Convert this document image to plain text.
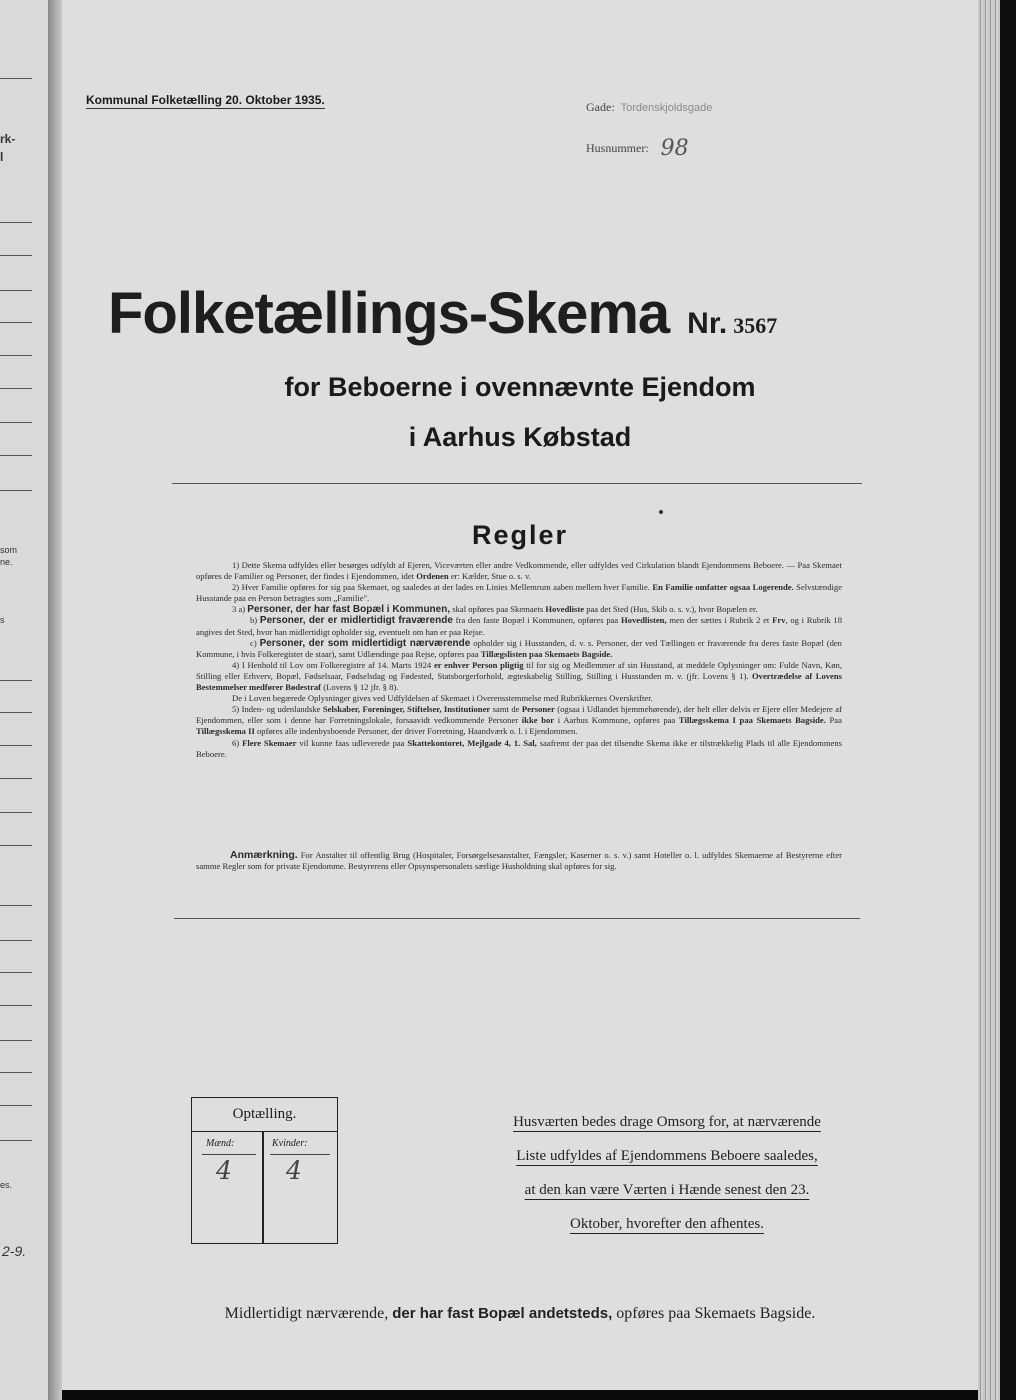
rk-
l
som
ne.
s
es.
2-9.
Kommunal Folketælling 20. Oktober 1935.	Gade: Tordenskjoldsgade
Husnummer: 98
Folketællings-Skema Nr. 3567
for Beboerne i ovennævnte Ejendom
i Aarhus Købstad
Regler

1) Dette Skema udfyldes eller besørges udfyldt af Ejeren, Viceværten eller andre Vedkommende, eller udfyldes ved Cirkulation blandt Ejendommens Beboere. — Paa Skemaet opføres de Familier og Personer, der findes i Ejendommen, idet Ordenen er: Kælder, Stue o. s. v.

2) Hver Familie opføres for sig paa Skemaet, og saaledes at der lades en Linies Mellemrum aaben mellem hver Familie. En Familie omfatter ogsaa Logerende. Selvstændige Husstande paa en Person betragtes som „Familie".

3 a) Personer, der har fast Bopæl i Kommunen, skal opføres paa Skemaets Hovedliste paa det Sted (Hus, Skib o. s. v.), hvor Bopælen er.

b) Personer, der er midlertidigt fraværende fra den faste Bopæl i Kommunen, opføres paa Hovedlisten, men der sættes i Rubrik 2 et Frv, og i Rubrik 18 angives det Sted, hvor han midlertidigt opholder sig, eventuelt om han er paa Rejse.

c) Personer, der som midlertidigt nærværende opholder sig i Husstanden, d. v. s. Personer, der ved Tællingen er fraværende fra deres faste Bopæl (den Kommune, i hvis Folkeregister de staar), samt Udlændinge paa Rejse, opføres paa Tillægslisten paa Skemaets Bagside.

4) I Henhold til Lov om Folkeregistre af 14. Marts 1924 er enhver Person pligtig til for sig og Medlemmer af sin Husstand, at meddele Oplysninger om: Fulde Navn, Køn, Stilling eller Erhverv, Bopæl, Fødselsaar, Fødselsdag og Fødested, Statsborgerforhold, ægteskabelig Stilling, Stilling i Husstanden m. v. (jfr. Lovens § 1). Overtrædelse af Lovens Bestemmelser medfører Bødestraf (Lovens § 12 jfr. § 8).

De i Loven begærede Oplysninger gives ved Udfyldelsen af Skemaet i Overensstemmelse med Rubrikkernes Overskrifter.

5) Inden- og udenlandske Selskaber, Foreninger, Stiftelser, Institutioner samt de Personer (ogsaa i Udlandet hjemmehørende), der helt eller delvis er Ejere eller Medejere af Ejendommen, eller som i denne har Forretningslokale, forsaavidt vedkommende Personer ikke bor i Aarhus Kommune, opføres paa Tillægsskema I paa Skemaets Bagside. Paa Tillægsskema II opføres alle indenbysboende Personer, der driver Forretning, Haandværk o. l. i Ejendommen.

6) Flere Skemaer vil kunne faas udleverede paa Skattekontoret, Mejlgade 4, 1. Sal, saafremt der paa det tilsendte Skema ikke er tilstrækkelig Plads til alle Ejendommens Beboere.

Anmærkning. For Anstalter til offentlig Brug (Hospitaler, Forsørgelsesanstalter, Fængsler, Kaserner o. s. v.) samt Hoteller o. l. udfyldes Skemaerne af Bestyrerne efter samme Regler som for private Ejendomme. Bestyrerens eller Opsynspersonalets særlige Husholdning skal opføres for sig.
Optælling.
Mænd:	Kvinder:
4 4
Husværten bedes drage Omsorg for, at nærværende
Liste udfyldes af Ejendommens Beboere saaledes,
at den kan være Værten i Hænde senest den 23.
Oktober, hvorefter den afhentes.
Midlertidigt nærværende, der har fast Bopæl andetsteds, opføres paa Skemaets Bagside.
